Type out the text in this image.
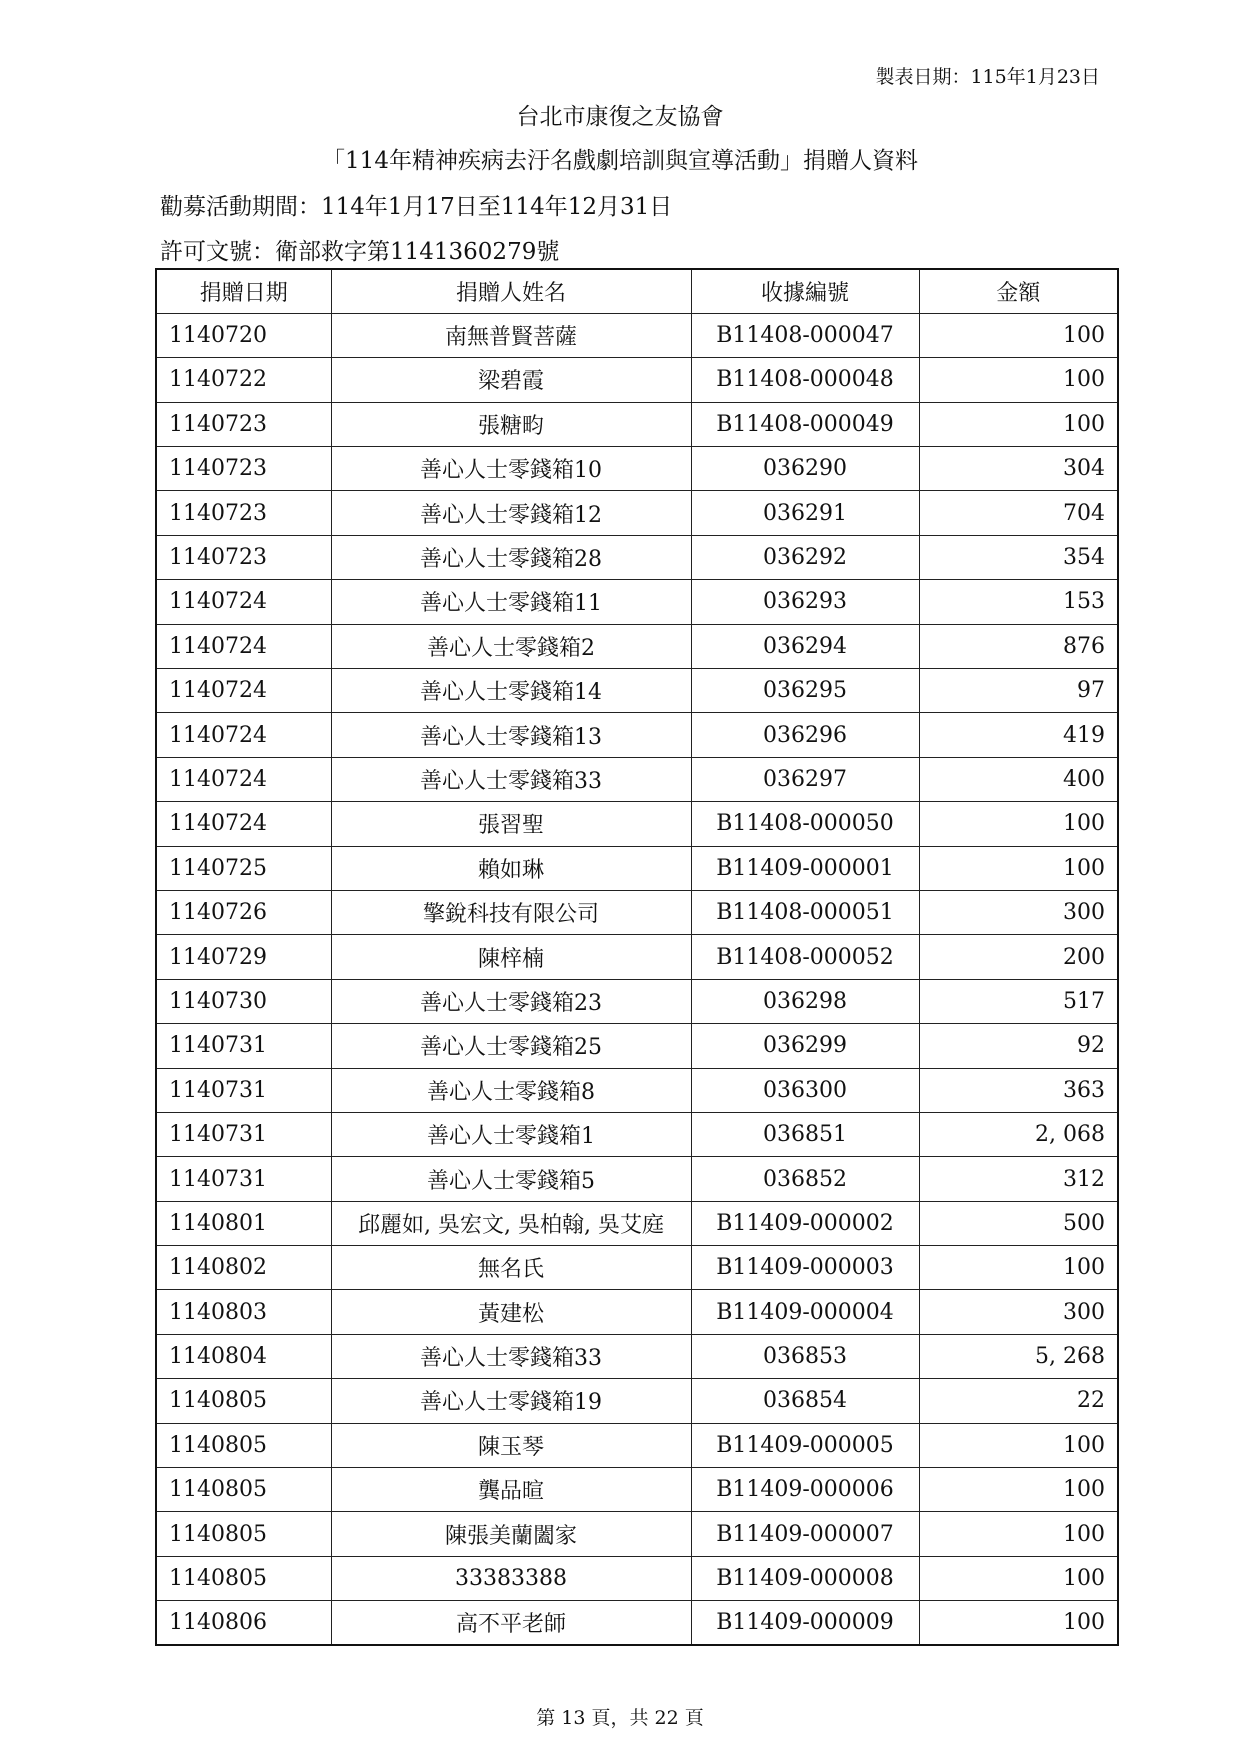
製表日期：115年1月23日
台北市康復之友協會
「114年精神疾病去汙名戲劇培訓與宣導活動」捐贈人資料
勸募活動期間：114年1月17日至114年12月31日
許可文號：衛部救字第1141360279號
捐贈日期	捐贈人姓名	收據編號	金額
1140720	南無普賢菩薩	B11408-000047	100
1140722	梁碧霞	B11408-000048	100
1140723	張糖畇	B11408-000049	100
1140723	善心人士零錢箱10	036290	304
1140723	善心人士零錢箱12	036291	704
1140723	善心人士零錢箱28	036292	354
1140724	善心人士零錢箱11	036293	153
1140724	善心人士零錢箱2	036294	876
1140724	善心人士零錢箱14	036295	97
1140724	善心人士零錢箱13	036296	419
1140724	善心人士零錢箱33	036297	400
1140724	張習聖	B11408-000050	100
1140725	賴如琳	B11409-000001	100
1140726	擎銳科技有限公司	B11408-000051	300
1140729	陳梓楠	B11408-000052	200
1140730	善心人士零錢箱23	036298	517
1140731	善心人士零錢箱25	036299	92
1140731	善心人士零錢箱8	036300	363
1140731	善心人士零錢箱1	036851	2, 068
1140731	善心人士零錢箱5	036852	312
1140801	邱麗如, 吳宏文, 吳柏翰, 吳艾庭	B11409-000002	500
1140802	無名氏	B11409-000003	100
1140803	黃建松	B11409-000004	300
1140804	善心人士零錢箱33	036853	5, 268
1140805	善心人士零錢箱19	036854	22
1140805	陳玉琴	B11409-000005	100
1140805	龔品暄	B11409-000006	100
1140805	陳張美蘭闔家	B11409-000007	100
1140805	33383388	B11409-000008	100
1140806	高不平老師	B11409-000009	100
第 13 頁，共 22 頁
